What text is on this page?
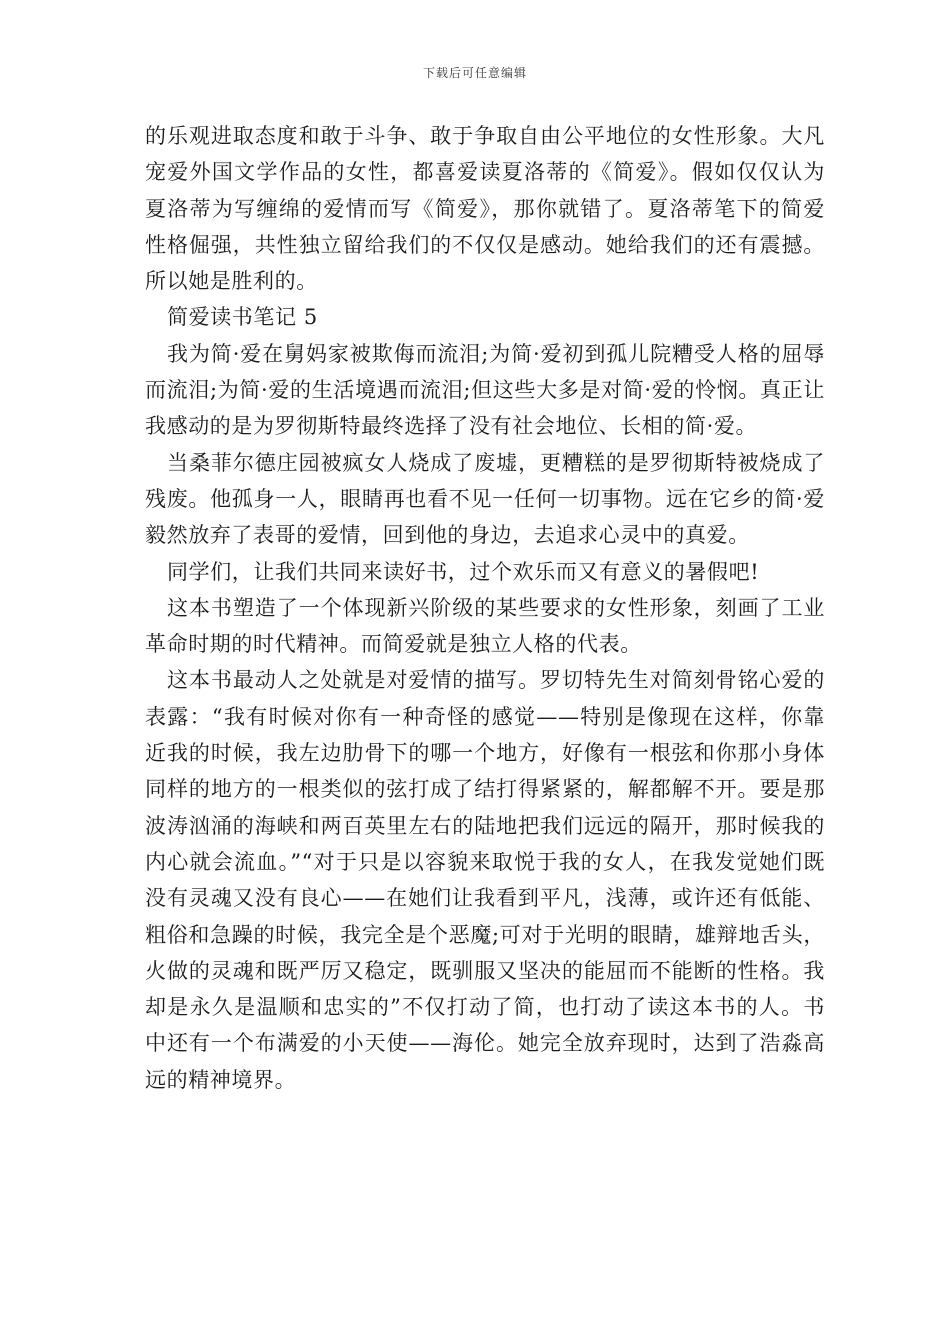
下载后可任意编辑

的乐观进取态度和敢于斗争、敢于争取自由公平地位的女性形象。大凡宠爱外国文学作品的女性，都喜爱读夏洛蒂的《简爱》。假如仅仅认为夏洛蒂为写缠绵的爱情而写《简爱》，那你就错了。夏洛蒂笔下的简爱性格倔强，共性独立留给我们的不仅仅是感动。她给我们的还有震撼。所以她是胜利的。

简爱读书笔记 5

我为简·爱在舅妈家被欺侮而流泪;为简·爱初到孤儿院糟受人格的屈辱而流泪;为简·爱的生活境遇而流泪;但这些大多是对简·爱的怜悯。真正让我感动的是为罗彻斯特最终选择了没有社会地位、长相的简·爱。

当桑菲尔德庄园被疯女人烧成了废墟，更糟糕的是罗彻斯特被烧成了残废。他孤身一人，眼睛再也看不见一任何一切事物。远在它乡的简·爱毅然放弃了表哥的爱情，回到他的身边，去追求心灵中的真爱。

同学们，让我们共同来读好书，过个欢乐而又有意义的暑假吧!

这本书塑造了一个体现新兴阶级的某些要求的女性形象，刻画了工业革命时期的时代精神。而简爱就是独立人格的代表。

这本书最动人之处就是对爱情的描写。罗切特先生对简刻骨铭心爱的表露：“我有时候对你有一种奇怪的感觉——特别是像现在这样，你靠近我的时候，我左边肋骨下的哪一个地方，好像有一根弦和你那小身体同样的地方的一根类似的弦打成了结打得紧紧的，解都解不开。要是那波涛汹涌的海峡和两百英里左右的陆地把我们远远的隔开，那时候我的内心就会流血。”“对于只是以容貌来取悦于我的女人，在我发觉她们既没有灵魂又没有良心——在她们让我看到平凡，浅薄，或许还有低能、粗俗和急躁的时候，我完全是个恶魔;可对于光明的眼睛，雄辩地舌头，火做的灵魂和既严厉又稳定，既驯服又坚决的能屈而不能断的性格。我却是永久是温顺和忠实的”不仅打动了简，也打动了读这本书的人。书中还有一个布满爱的小天使——海伦。她完全放弃现时，达到了浩淼高远的精神境界。
